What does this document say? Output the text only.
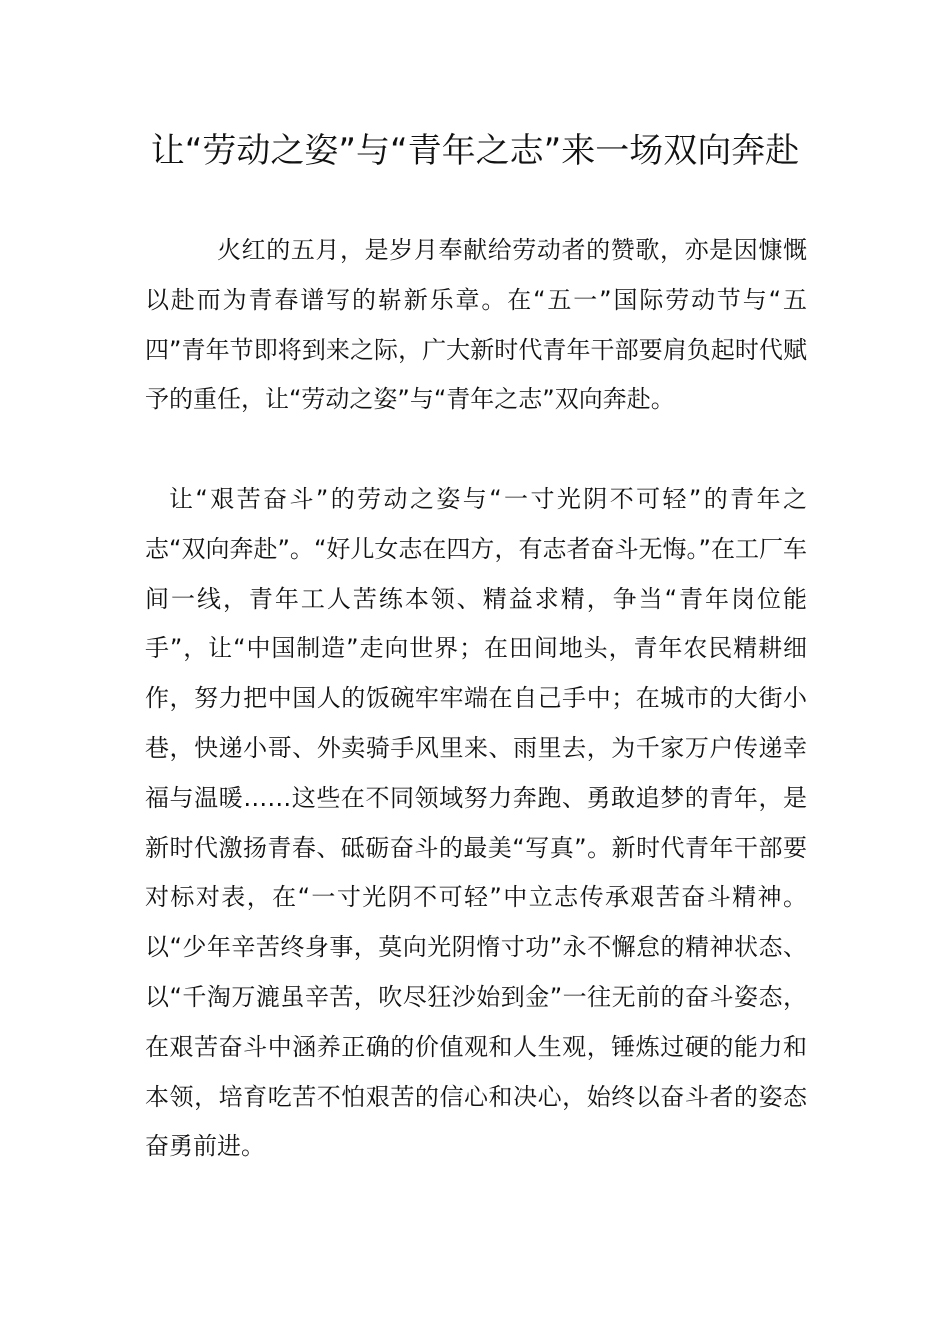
让“劳动之姿”与“青年之志”来一场双向奔赴

火红的五月，是岁月奉献给劳动者的赞歌，亦是因慷慨以赴而为青春谱写的崭新乐章。在“五一”国际劳动节与“五四”青年节即将到来之际，广大新时代青年干部要肩负起时代赋予的重任，让“劳动之姿”与“青年之志”双向奔赴。

让“艰苦奋斗”的劳动之姿与“一寸光阴不可轻”的青年之志“双向奔赴”。“好儿女志在四方，有志者奋斗无悔。”在工厂车间一线，青年工人苦练本领、精益求精，争当“青年岗位能手”，让“中国制造”走向世界；在田间地头，青年农民精耕细作，努力把中国人的饭碗牢牢端在自己手中；在城市的大街小巷，快递小哥、外卖骑手风里来、雨里去，为千家万户传递幸福与温暖……这些在不同领域努力奔跑、勇敢追梦的青年，是新时代激扬青春、砥砺奋斗的最美“写真”。新时代青年干部要对标对表，在“一寸光阴不可轻”中立志传承艰苦奋斗精神。以“少年辛苦终身事，莫向光阴惰寸功”永不懈怠的精神状态、以“千淘万漉虽辛苦，吹尽狂沙始到金”一往无前的奋斗姿态，在艰苦奋斗中涵养正确的价值观和人生观，锤炼过硬的能力和本领，培育吃苦不怕艰苦的信心和决心，始终以奋斗者的姿态奋勇前进。
